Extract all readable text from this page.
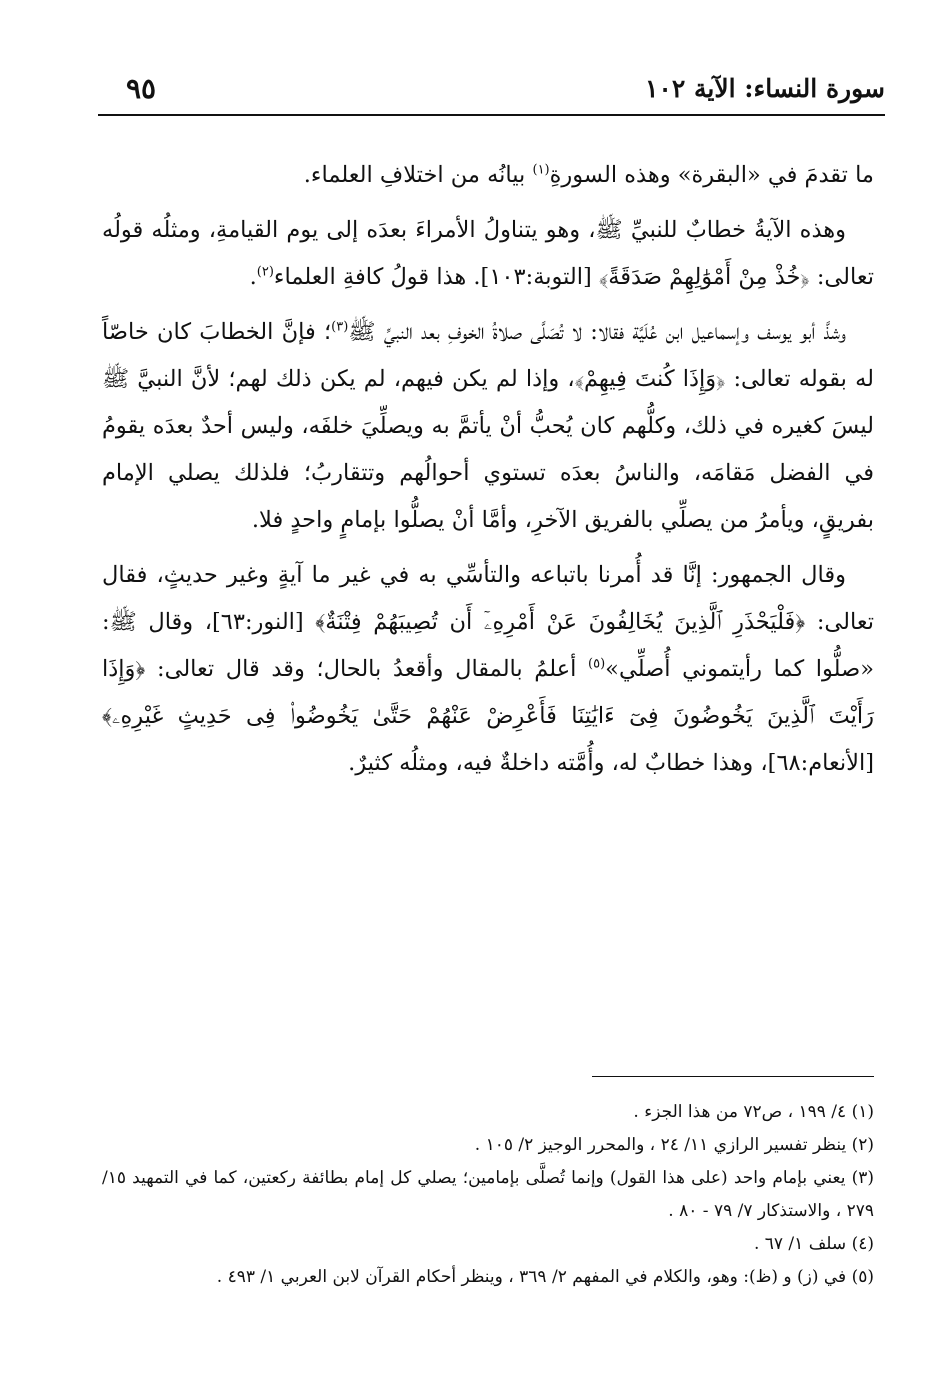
سورة النساء: الآية ١٠٢
٩٥

ما تقدمَ في «البقرة» وهذه السورةِ$^{(١)}$ بيانُه من اختلافِ العلماء.

وهذه الآيةُ خطابٌ للنبيِّ ﷺ، وهو يتناولُ الأمراءَ بعدَه إلى يوم القيامةِ، ومثلُه قولُه تعالى: ﴿خُذْ مِنْ أَمْوَٰلِهِمْ صَدَقَةً﴾ [التوبة:١٠٣]. هذا قولُ كافةِ العلماء$^{(٢)}$.

وشذَّ أبو يوسف وإسماعيل ابن عُلَيَّة فقالا: لا تُصَلَّى صلاةُ الخوفِ بعد النبيِّ ﷺ$^{(٣)}$؛ فإنَّ الخطابَ كان خاصّاً له بقوله تعالى: ﴿وَإِذَا كُنتَ فِيهِمْ﴾، وإذا لم يكن فيهم، لم يكن ذلك لهم؛ لأنَّ النبيَّ ﷺ ليسَ كغيره في ذلك، وكلُّهم كان يُحبُّ أنْ يأتمَّ به ويصلِّيَ خلفَه، وليس أحدٌ بعدَه يقومُ في الفضل مَقامَه، والناسُ بعدَه تستوي أحوالُهم وتتقاربُ؛ فلذلك يصلي الإمام بفريقٍ، ويأمرُ من يصلِّي بالفريق الآخرِ، وأمَّا أنْ يصلُّوا بإمامٍ واحدٍ فلا.

وقال الجمهور: إنَّا قد أُمرنا باتباعه والتأسِّي به في غير ما آيةٍ وغير حديثٍ، فقال تعالى: ﴿فَلْيَحْذَرِ ٱلَّذِينَ يُخَالِفُونَ عَنْ أَمْرِهِۦٓ أَن تُصِيبَهُمْ فِتْنَةٌ﴾ [النور:٦٣]، وقال ﷺ: «صلُّوا كما رأيتموني أُصلِّي»$^{(٥)}$ أعلمُ بالمقال وأقعدُ بالحال؛ وقد قال تعالى: ﴿وَإِذَا رَأَيْتَ ٱلَّذِينَ يَخُوضُونَ فِىٓ ءَايَٰتِنَا فَأَعْرِضْ عَنْهُمْ حَتَّىٰ يَخُوضُوا۟ فِى حَدِيثٍ غَيْرِهِۦ﴾ [الأنعام:٦٨]، وهذا خطابٌ له، وأُمَّته داخلةٌ فيه، ومثلُه كثيرٌ.

(١) ٤/ ١٩٩ ، ص٧٢ من هذا الجزء .

(٢) ينظر تفسير الرازي ١١/ ٢٤ ، والمحرر الوجيز ٢/ ١٠٥ .

(٣) يعني بإمام واحد (على هذا القول) وإنما تُصلَّى بإمامين؛ يصلي كل إمام بطائفة ركعتين، كما في التمهيد ١٥/ ٢٧٩ ، والاستذكار ٧/ ٧٩ - ٨٠ .

(٤) سلف ١/ ٦٧ .

(٥) في (ز) و (ظ): وهو، والكلام في المفهم ٢/ ٣٦٩ ، وينظر أحكام القرآن لابن العربي ١/ ٤٩٣ .
